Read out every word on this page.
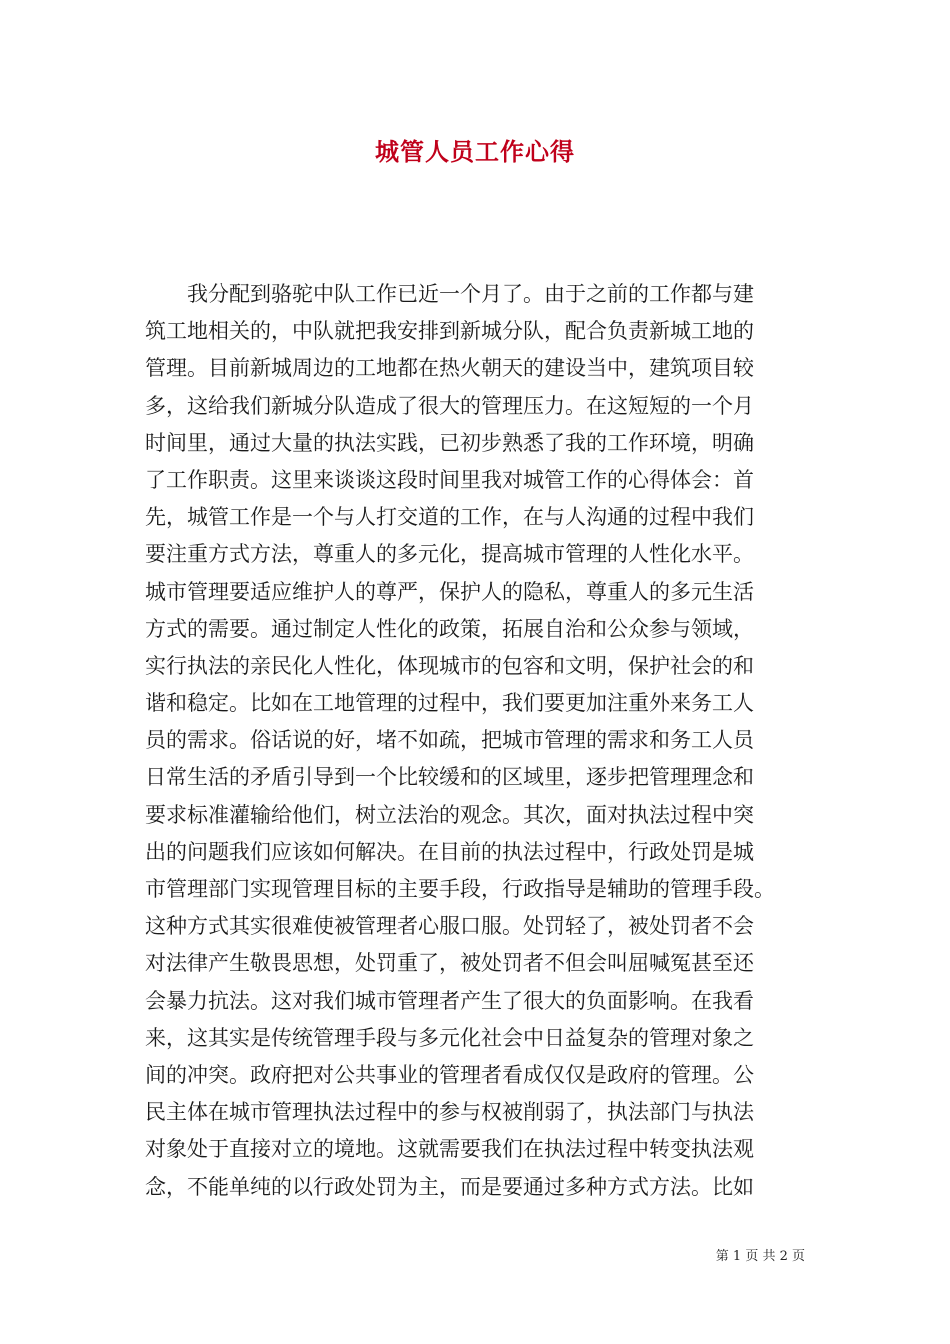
城管人员工作心得
我分配到骆驼中队工作已近一个月了。由于之前的工作都与建
筑工地相关的，中队就把我安排到新城分队，配合负责新城工地的
管理。目前新城周边的工地都在热火朝天的建设当中，建筑项目较
多，这给我们新城分队造成了很大的管理压力。在这短短的一个月
时间里，通过大量的执法实践，已初步熟悉了我的工作环境，明确
了工作职责。这里来谈谈这段时间里我对城管工作的心得体会：首
先，城管工作是一个与人打交道的工作，在与人沟通的过程中我们
要注重方式方法，尊重人的多元化，提高城市管理的人性化水平。
城市管理要适应维护人的尊严，保护人的隐私，尊重人的多元生活
方式的需要。通过制定人性化的政策，拓展自治和公众参与领域，
实行执法的亲民化人性化，体现城市的包容和文明，保护社会的和
谐和稳定。比如在工地管理的过程中，我们要更加注重外来务工人
员的需求。俗话说的好，堵不如疏，把城市管理的需求和务工人员
日常生活的矛盾引导到一个比较缓和的区域里，逐步把管理理念和
要求标准灌输给他们，树立法治的观念。其次，面对执法过程中突
出的问题我们应该如何解决。在目前的执法过程中，行政处罚是城
市管理部门实现管理目标的主要手段，行政指导是辅助的管理手段。
这种方式其实很难使被管理者心服口服。处罚轻了，被处罚者不会
对法律产生敬畏思想，处罚重了，被处罚者不但会叫屈喊冤甚至还
会暴力抗法。这对我们城市管理者产生了很大的负面影响。在我看
来，这其实是传统管理手段与多元化社会中日益复杂的管理对象之
间的冲突。政府把对公共事业的管理者看成仅仅是政府的管理。公
民主体在城市管理执法过程中的参与权被削弱了，执法部门与执法
对象处于直接对立的境地。这就需要我们在执法过程中转变执法观
念，不能单纯的以行政处罚为主，而是要通过多种方式方法。比如
第 1 页 共 2 页
